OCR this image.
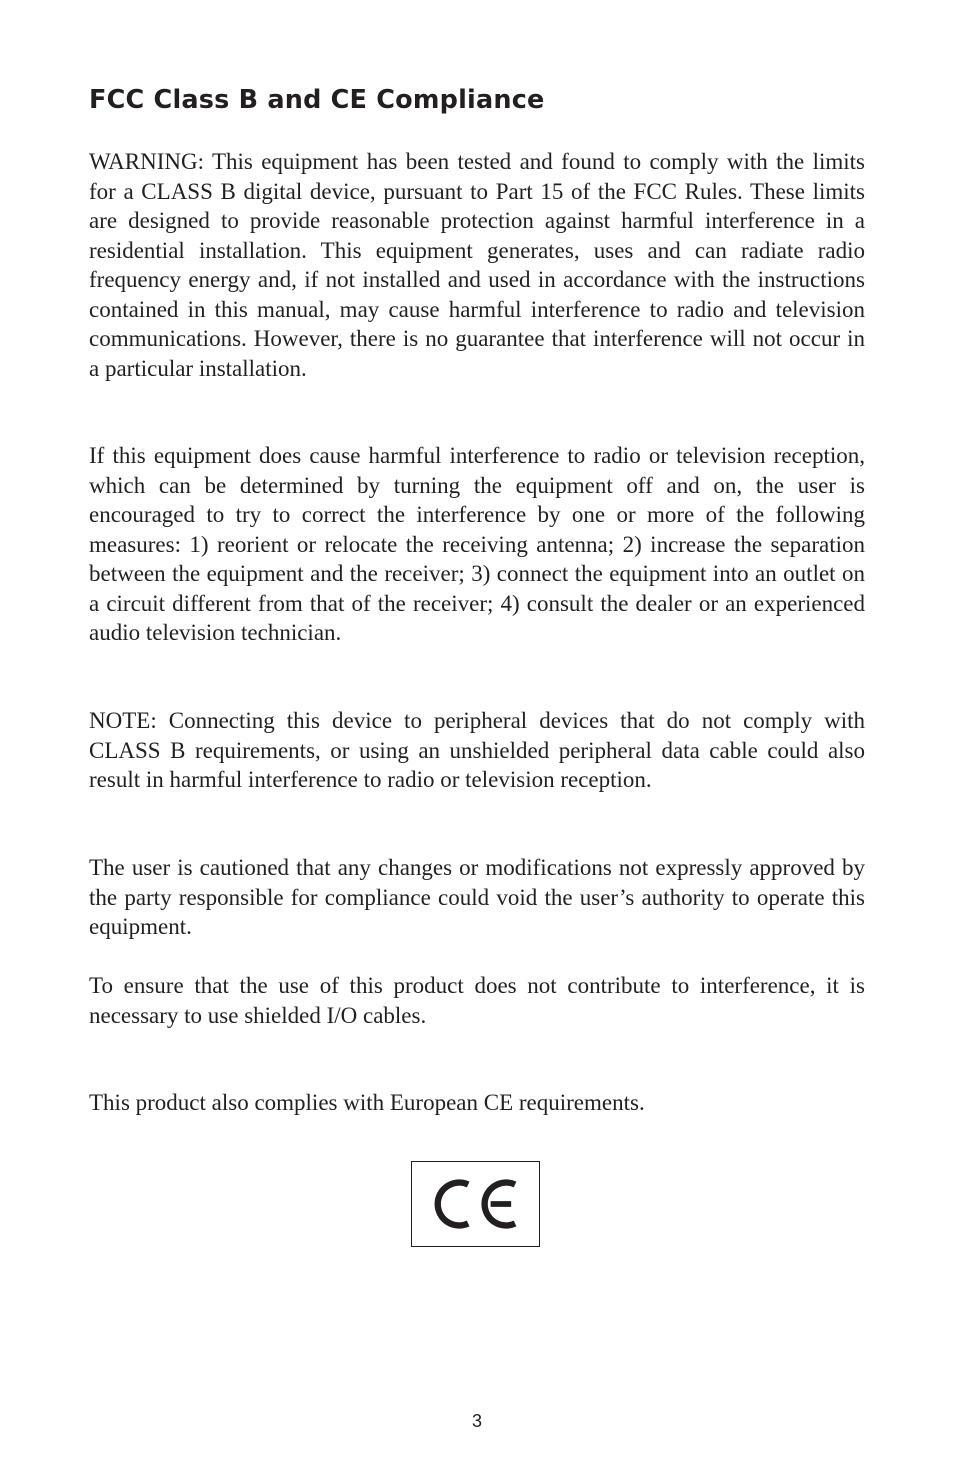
FCC Class B and CE Compliance

WARNING: This equipment has been tested and found to comply with the limits for a CLASS B digital device, pursuant to Part 15 of the FCC Rules. These limits are designed to provide reasonable protection against harmful interference in a residential installation. This equipment generates, uses and can radiate radio frequency energy and, if not installed and used in accordance with the instructions contained in this manual, may cause harmful interference to radio and television communications. However, there is no guarantee that interference will not occur in a particular installation.

If this equipment does cause harmful interference to radio or television reception, which can be determined by turning the equipment off and on, the user is encouraged to try to correct the interference by one or more of the following measures: 1) reorient or relocate the receiving antenna; 2) increase the separation between the equipment and the receiver; 3) connect the equipment into an outlet on a circuit different from that of the receiver; 4) consult the dealer or an experienced audio television technician.

NOTE: Connecting this device to peripheral devices that do not comply with CLASS B requirements, or using an unshielded peripheral data cable could also result in harmful interference to radio or television reception.

The user is cautioned that any changes or modifications not expressly approved by the party responsible for compliance could void the user’s authority to operate this equipment.

To ensure that the use of this product does not contribute to interference, it is necessary to use shielded I/O cables.

This product also complies with European CE requirements.

3
